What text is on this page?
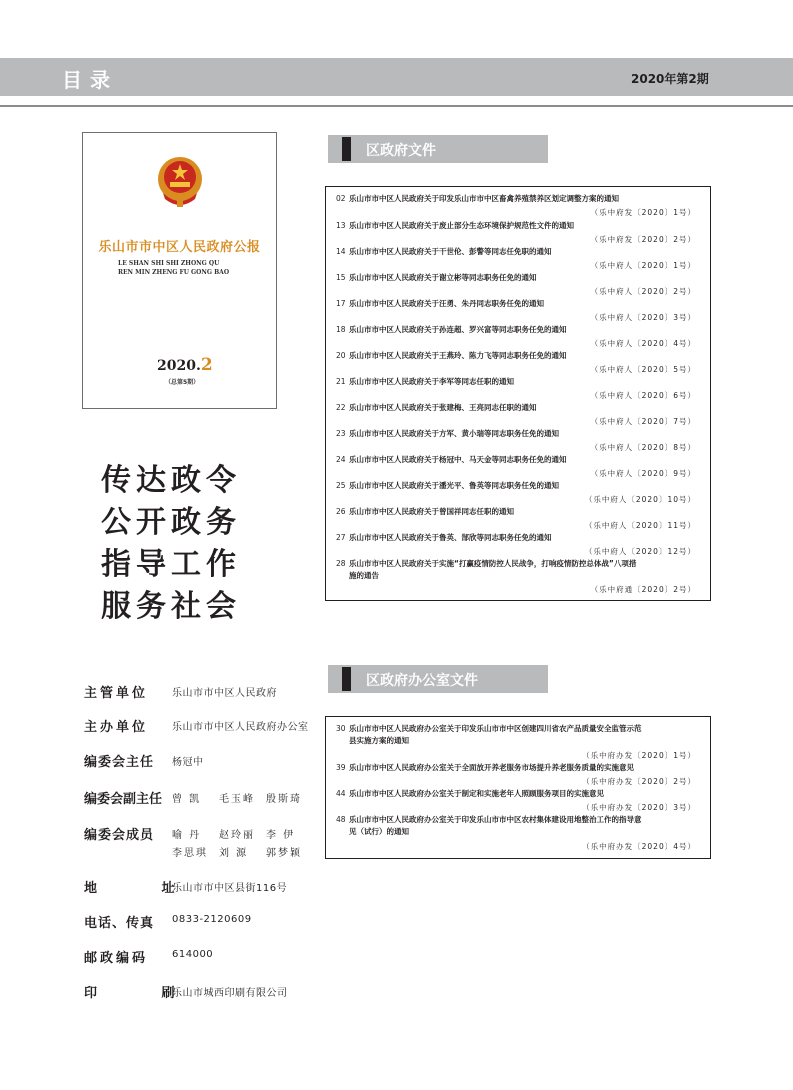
目录	2020年第2期
乐山市市中区人民政府公报
LE SHAN SHI SHI ZHONG QU
REN MIN ZHENG FU GONG BAO
2020.2
（总第5期）
传达政令
公开政务
指导工作
服务社会
主管单位 乐山市市中区人民政府
主办单位 乐山市市中区人民政府办公室
编委会主任 杨冠中
编委会副主任 曾 凯 毛玉峰 殷斯琦
编委会成员 喻 丹 赵玲丽 李 伊
李思琪 刘 源 郭梦颖
地 址
乐山市市中区县街116号
电话、传真 0833-2120609
邮政编码 614000
印 刷
乐山市城西印刷有限公司
区政府文件
02 乐山市市中区人民政府关于印发乐山市市中区畜禽养殖禁养区划定调整方案的通知
（乐中府发〔2020〕1号）
13 乐山市市中区人民政府关于废止部分生态环境保护规范性文件的通知
（乐中府发〔2020〕2号）
14 乐山市市中区人民政府关于干世伦、彭警等同志任免职的通知
（乐中府人〔2020〕1号）
15 乐山市市中区人民政府关于谢立彬等同志职务任免的通知
（乐中府人〔2020〕2号）
17 乐山市市中区人民政府关于汪勇、朱丹同志职务任免的通知
（乐中府人〔2020〕3号）
18 乐山市市中区人民政府关于孙连超、罗兴富等同志职务任免的通知
（乐中府人〔2020〕4号）
20 乐山市市中区人民政府关于王燕玲、陈力飞等同志职务任免的通知
（乐中府人〔2020〕5号）
21 乐山市市中区人民政府关于李军等同志任职的通知
（乐中府人〔2020〕6号）
22 乐山市市中区人民政府关于张建梅、王亮同志任职的通知
（乐中府人〔2020〕7号）
23 乐山市市中区人民政府关于方军、黄小瑞等同志职务任免的通知
（乐中府人〔2020〕8号）
24 乐山市市中区人民政府关于杨冠中、马天金等同志职务任免的通知
（乐中府人〔2020〕9号）
25 乐山市市中区人民政府关于潘光平、鲁英等同志职务任免的通知
（乐中府人〔2020〕10号）
26 乐山市市中区人民政府关于曾国祥同志任职的通知
（乐中府人〔2020〕11号）
27 乐山市市中区人民政府关于鲁英、郜欣等同志职务任免的通知
（乐中府人〔2020〕12号）
28 乐山市市中区人民政府关于实施“打赢疫情防控人民战争，打响疫情防控总体战”八项措
施的通告
（乐中府通〔2020〕2号）
区政府办公室文件
30 乐山市市中区人民政府办公室关于印发乐山市市中区创建四川省农产品质量安全监管示范
县实施方案的通知
（乐中府办发〔2020〕1号）
39 乐山市市中区人民政府办公室关于全面放开养老服务市场提升养老服务质量的实施意见
（乐中府办发〔2020〕2号）
44 乐山市市中区人民政府办公室关于制定和实施老年人照顾服务项目的实施意见
（乐中府办发〔2020〕3号）
48 乐山市市中区人民政府办公室关于印发乐山市市中区农村集体建设用地整治工作的指导意
见（试行）的通知
（乐中府办发〔2020〕4号）
